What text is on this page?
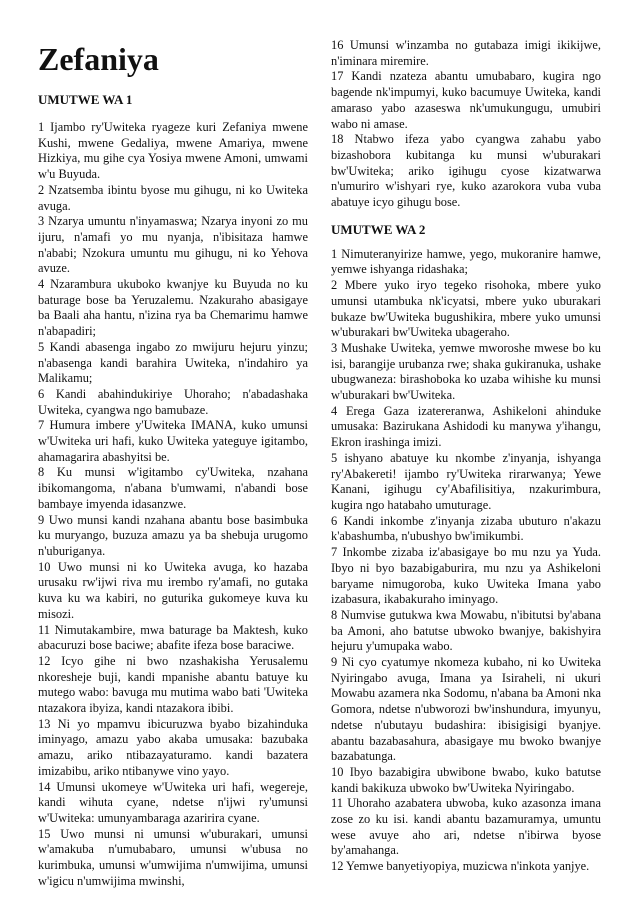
Zefaniya
UMUTWE WA 1

1 Ijambo ry'Uwiteka ryageze kuri Zefaniya mwene Kushi, mwene Gedaliya, mwene Amariya, mwene Hizkiya, mu gihe cya Yosiya mwene Amoni, umwami w'u Buyuda.

2 Nzatsemba ibintu byose mu gihugu, ni ko Uwiteka avuga.

3 Nzarya umuntu n'inyamaswa; Nzarya inyoni zo mu ijuru, n'amafi yo mu nyanja, n'ibisitaza hamwe n'ababi; Nzokura umuntu mu gihugu, ni ko Yehova avuze.

4 Nzarambura ukuboko kwanjye ku Buyuda no ku baturage bose ba Yeruzalemu. Nzakuraho abasigaye ba Baali aha hantu, n'izina rya ba Chemarimu hamwe n'abapadiri;

5 Kandi abasenga ingabo zo mwijuru hejuru yinzu; n'abasenga kandi barahira Uwiteka, n'indahiro ya Malikamu;

6 Kandi abahindukiriye Uhoraho; n'abadashaka Uwiteka, cyangwa ngo bamubaze.

7 Humura imbere y'Uwiteka IMANA, kuko umunsi w'Uwiteka uri hafi, kuko Uwiteka yateguye igitambo, ahamagarira abashyitsi be.

8 Ku munsi w'igitambo cy'Uwiteka, nzahana ibikomangoma, n'abana b'umwami, n'abandi bose bambaye imyenda idasanzwe.

9 Uwo munsi kandi nzahana abantu bose basimbuka ku muryango, buzuza amazu ya ba shebuja urugomo n'uburiganya.

10 Uwo munsi ni ko Uwiteka avuga, ko hazaba urusaku rw'ijwi riva mu irembo ry'amafi, no gutaka kuva ku wa kabiri, no guturika gukomeye kuva ku misozi.

11 Nimutakambire, mwa baturage ba Maktesh, kuko abacuruzi bose baciwe; abafite ifeza bose baraciwe.

12 Icyo gihe ni bwo nzashakisha Yerusalemu nkoresheje buji, kandi mpanishe abantu batuye ku mutego wabo: bavuga mu mutima wabo bati 'Uwiteka ntazakora ibyiza, kandi ntazakora ibibi.

13 Ni yo mpamvu ibicuruzwa byabo bizahinduka iminyago, amazu yabo akaba umusaka: bazubaka amazu, ariko ntibazayaturamo. kandi bazatera imizabibu, ariko ntibanywe vino yayo.

14 Umunsi ukomeye w'Uwiteka uri hafi, wegereje, kandi wihuta cyane, ndetse n'ijwi ry'umunsi w'Uwiteka: umunyambaraga azaririra cyane.

15 Uwo munsi ni umunsi w'uburakari, umunsi w'amakuba n'umubabaro, umunsi w'ubusa no kurimbuka, umunsi w'umwijima n'umwijima, umunsi w'igicu n'umwijima mwinshi,

16 Umunsi w'inzamba no gutabaza imigi ikikijwe, n'iminara miremire.

17 Kandi nzateza abantu umubabaro, kugira ngo bagende nk'impumyi, kuko bacumuye Uwiteka, kandi amaraso yabo azaseswa nk'umukungugu, umubiri wabo ni amase.

18 Ntabwo ifeza yabo cyangwa zahabu yabo bizashobora kubitanga ku munsi w'uburakari bw'Uwiteka; ariko igihugu cyose kizatwarwa n'umuriro w'ishyari rye, kuko azarokora vuba vuba abatuye icyo gihugu bose.

UMUTWE WA 2

1 Nimuteranyirize hamwe, yego, mukoranire hamwe, yemwe ishyanga ridashaka;

2 Mbere yuko iryo tegeko risohoka, mbere yuko umunsi utambuka nk'icyatsi, mbere yuko uburakari bukaze bw'Uwiteka bugushikira, mbere yuko umunsi w'uburakari bw'Uwiteka ubageraho.

3 Mushake Uwiteka, yemwe mworoshe mwese bo ku isi, barangije urubanza rwe; shaka gukiranuka, ushake ubugwaneza: birashoboka ko uzaba wihishe ku munsi w'uburakari bw'Uwiteka.

4 Erega Gaza izatereranwa, Ashikeloni ahinduke umusaka: Bazirukana Ashidodi ku manywa y'ihangu, Ekron irashinga imizi.

5 ishyano abatuye ku nkombe z'inyanja, ishyanga ry'Abakereti! ijambo ry'Uwiteka rirarwanya; Yewe Kanani, igihugu cy'Abafilisitiya, nzakurimbura, kugira ngo hatabaho umuturage.

6 Kandi inkombe z'inyanja zizaba ubuturo n'akazu k'abashumba, n'ubushyo bw'imikumbi.

7 Inkombe zizaba iz'abasigaye bo mu nzu ya Yuda. Ibyo ni byo bazabigaburira, mu nzu ya Ashikeloni baryame nimugoroba, kuko Uwiteka Imana yabo izabasura, ikabakuraho iminyago.

8 Numvise gutukwa kwa Mowabu, n'ibitutsi by'abana ba Amoni, aho batutse ubwoko bwanjye, bakishyira hejuru y'umupaka wabo.

9 Ni cyo cyatumye nkomeza kubaho, ni ko Uwiteka Nyiringabo avuga, Imana ya Isiraheli, ni ukuri Mowabu azamera nka Sodomu, n'abana ba Amoni nka Gomora, ndetse n'ubworozi bw'inshundura, imyunyu, ndetse n'ubutayu budashira: ibisigisigi byanjye. abantu bazabasahura, abasigaye mu bwoko bwanjye bazabatunga.

10 Ibyo bazabigira ubwibone bwabo, kuko batutse kandi bakikuza ubwoko bw'Uwiteka Nyiringabo.

11 Uhoraho azabatera ubwoba, kuko azasonza imana zose zo ku isi. kandi abantu bazamuramya, umuntu wese avuye aho ari, ndetse n'ibirwa byose by'amahanga.

12 Yemwe banyetiyopiya, muzicwa n'inkota yanjye.
